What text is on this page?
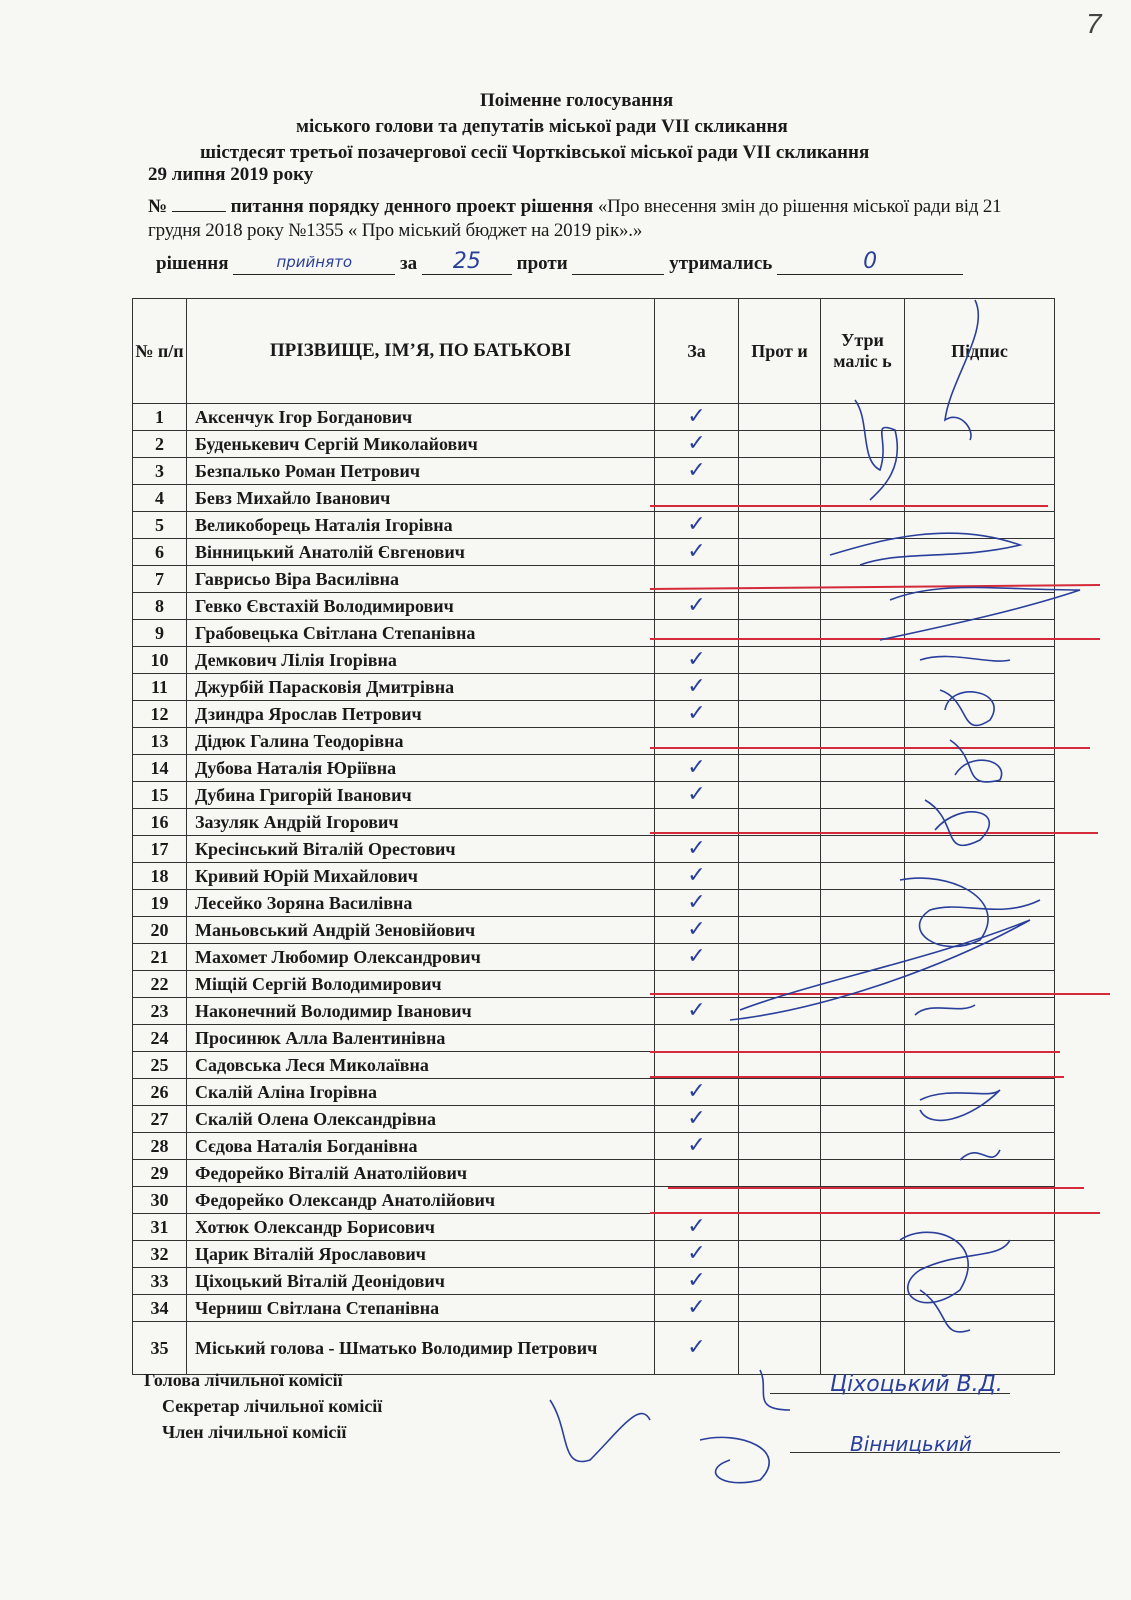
7
Поіменне голосування
міського голови та депутатів міської ради VII скликання
шістдесят третьої позачергової сесії Чортківської міської ради VII скликання
29 липня 2019 року
№	питання порядку денного проект рішення «Про внесення змін до рішення міської ради від 21 грудня 2018 року №1355 « Про міський бюджет на 2019 рік».»
рішення	прийнято	за 25 проти	утримались	0
№ п/п	ПРІЗВИЩЕ, ІМ’Я, ПО БАТЬКОВІ	За	Прот и	Утри маліс ь	Підпис
1	Аксенчук Ігор Богданович	✓			
2	Буденькевич Сергій Миколайович	✓			
3	Безпалько Роман Петрович	✓			
4	Бевз Михайло Іванович				
5	Великоборець Наталія Ігорівна	✓			
6	Вінницький Анатолій Євгенович	✓			
7	Гаврисьо Віра Василівна				
8	Гевко Євстахій Володимирович	✓			
9	Грабовецька Світлана Степанівна				
10	Демкович Лілія Ігорівна	✓			
11	Джурбій Парасковія Дмитрівна	✓			
12	Дзиндра Ярослав Петрович	✓			
13	Дідюк Галина Теодорівна				
14	Дубова Наталія Юріївна	✓			
15	Дубина Григорій Іванович	✓			
16	Зазуляк Андрій Ігорович				
17	Кресінський Віталій Орестович	✓			
18	Кривий Юрій Михайлович	✓			
19	Лесейко Зоряна Василівна	✓			
20	Маньовський Андрій Зеновійович	✓			
21	Махомет Любомир Олександрович	✓			
22	Міщій Сергій Володимирович				
23	Наконечний Володимир Іванович	✓			
24	Просинюк Алла Валентинівна				
25	Садовська Леся Миколаївна				
26	Скалій Аліна Ігорівна	✓			
27	Скалій Олена Олександрівна	✓			
28	Сєдова Наталія Богданівна	✓			
29	Федорейко Віталій Анатолійович				
30	Федорейко Олександр Анатолійович				
31	Хотюк Олександр Борисович	✓			
32	Царик Віталій Ярославович	✓			
33	Ціхоцький Віталій Деонідович	✓			
34	Черниш Світлана Степанівна	✓			
35	Міський голова - Шматько Володимир Петрович	✓			
Голова лічильної комісії
Секретар лічильної комісії
Член лічильної комісії
Ціхоцький В.Д.
Вінницький
